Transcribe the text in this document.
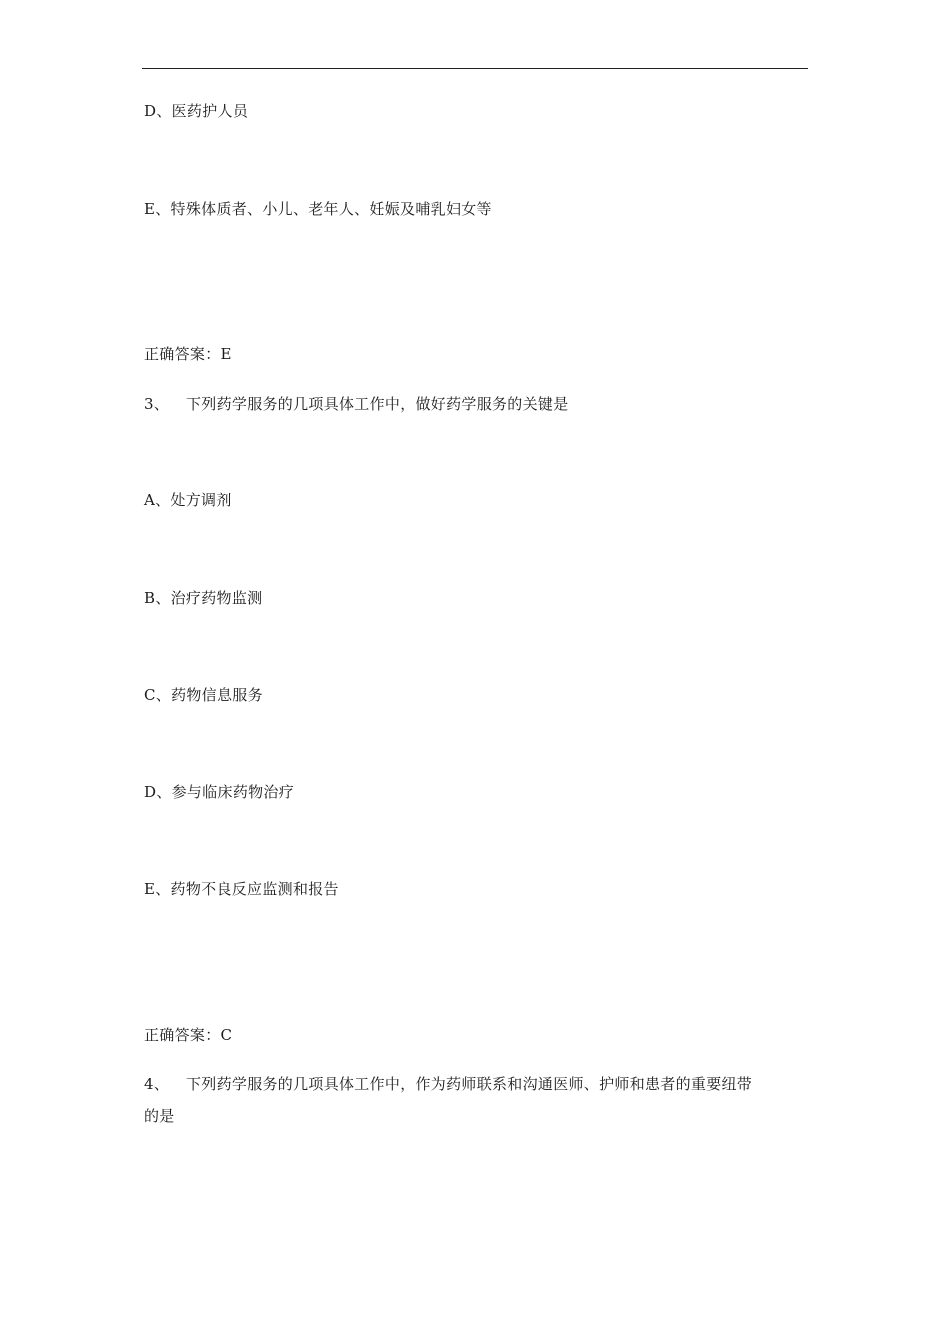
D、医药护人员
E、特殊体质者、小儿、老年人、妊娠及哺乳妇女等
正确答案：E
3、 下列药学服务的几项具体工作中，做好药学服务的关键是
A、处方调剂
B、治疗药物监测
C、药物信息服务
D、参与临床药物治疗
E、药物不良反应监测和报告
正确答案：C
4、 下列药学服务的几项具体工作中，作为药师联系和沟通医师、护师和患者的重要纽带
的是
